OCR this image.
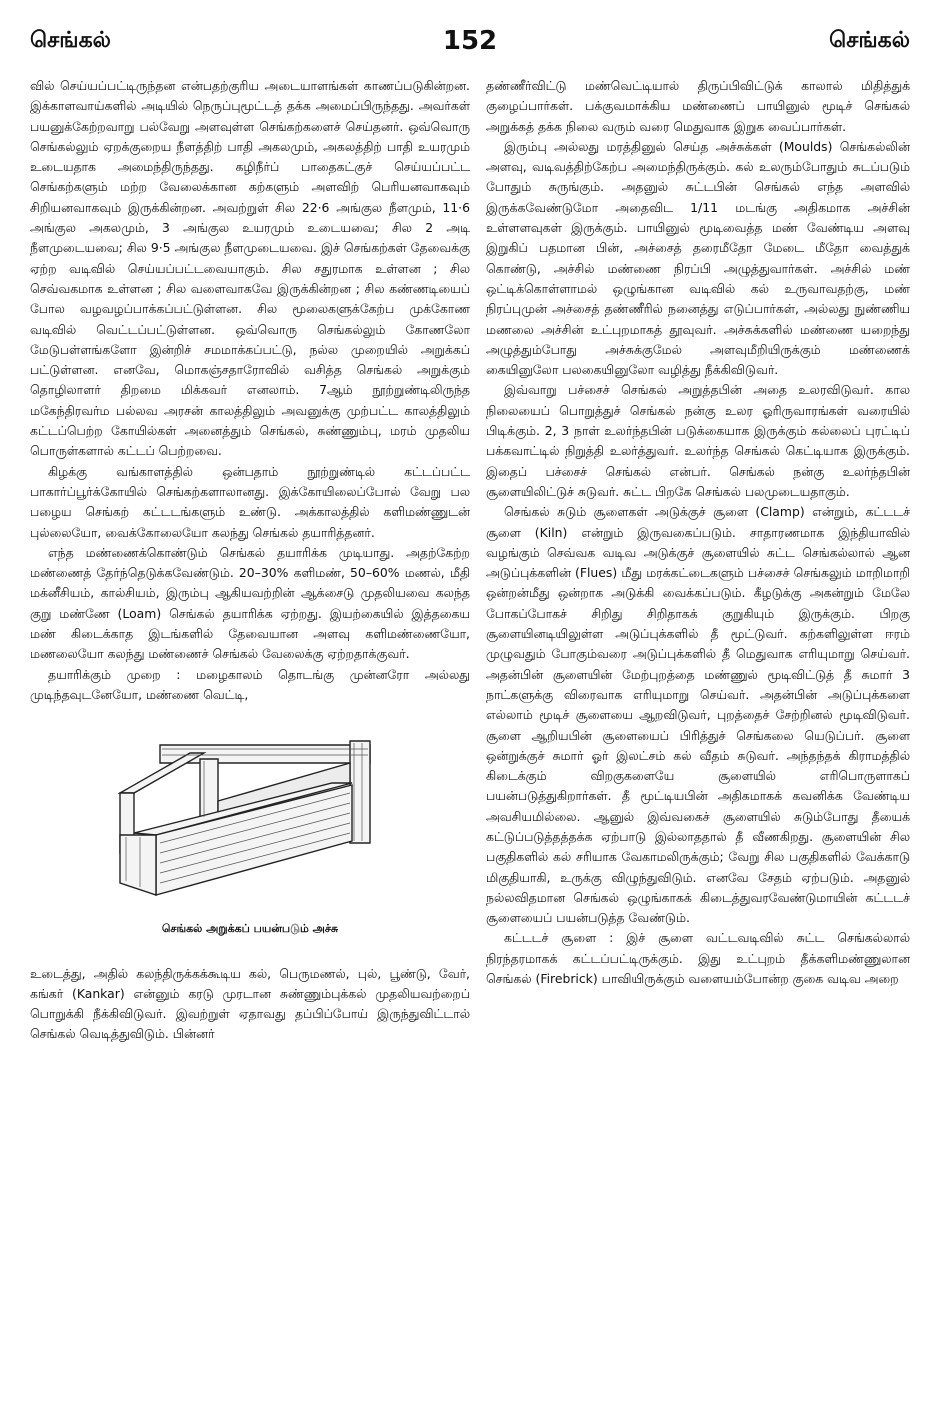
செங்கல்	152	செங்கல்

வில் செய்யப்பட்டிருந்தன என்பதற்குரிய அடையாளங்கள் காணப்படுகின்றன. இக்காளவாய்களில் அடியில் நெருப்புமூட்டத் தக்க அமைப்பிருந்தது. அவர்கள் பயனுக்கேற்றவாறு பல்வேறு அளவுள்ள செங்கற்களைச் செய்தனர். ஒவ்வொரு செங்கல்லும் ஏறக்குறைய நீளத்திற் பாதி அகலமும், அகலத்திற் பாதி உயரமும் உடையதாக அமைந்திருந்தது. கழிநீர்ப் பாதைகட்குச் செய்யப்பட்ட செங்கற்களும் மற்ற வேலைக்கான கற்களும் அளவிற் பெரியனவாகவும் சிறியனவாகவும் இருக்கின்றன. அவற்றுள் சில 22·6 அங்குல நீளமும், 11·6 அங்குல அகலமும், 3 அங்குல உயரமும் உடையவை; சில 2 அடி நீளமுடையவை; சில 9·5 அங்குல நீளமுடையவை. இச் செங்கற்கள் தேவைக்கு ஏற்ற வடிவில் செய்யப்பட்டவையாகும். சில சதுரமாக உள்ளன ; சில செவ்வகமாக உள்ளன ; சில வளைவாகவே இருக்கின்றன ; சில கண்ணடியைப் போல வழவழப்பாக்கப்பட்டுள்ளன. சில மூலைகளுக்கேற்ப முக்கோண வடிவில் வெட்டப்பட்டுள்ளன. ஒவ்வொரு செங்கல்லும் கோணலோ மேடுபள்ளங்களோ இன்றிச் சமமாக்கப்பட்டு, நல்ல முறையில் அறுக்கப் பட்டுள்ளன. எனவே, மொகஞ்சதாரோவில் வசித்த செங்கல் அறுக்கும் தொழிலாளர் திறமை மிக்கவர் எனலாம். 7ஆம் நூற்றுண்டிலிருந்த மகேந்திரவர்ம பல்லவ அரசன் காலத்திலும் அவனுக்கு முற்பட்ட காலத்திலும் கட்டப்பெற்ற கோயில்கள் அனைத்தும் செங்கல், சுண்ணும்பு, மரம் முதலிய பொருள்களால் கட்டப் பெற்றவை.

கிழக்கு வங்காளத்தில் ஒன்பதாம் நூற்றுண்டில் கட்டப்பட்ட பாகார்ப்பூர்க்கோயில் செங்கற்களாலானது. இக்கோயிலைப்போல் வேறு பல பழைய செங்கற் கட்டடங்களும் உண்டு. அக்காலத்தில் களிமண்ணுடன் புல்லையோ, வைக்கோலையோ கலந்து செங்கல் தயாரித்தனர்.

எந்த மண்ணைக்கொண்டும் செங்கல் தயாரிக்க முடியாது. அதற்கேற்ற மண்ணைத் தேர்ந்தெடுக்கவேண்டும். 20–30% களிமண், 50–60% மணல், மீதி மக்னீசியம், கால்சியம், இரும்பு ஆகியவற்றின் ஆக்சைடு முதலியவை கலந்த குறு மண்ணே (Loam) செங்கல் தயாரிக்க ஏற்றது. இயற்கையில் இத்தகைய மண் கிடைக்காத இடங்களில் தேவையான அளவு களிமண்ணையோ, மணலையோ கலந்து மண்ணைச் செங்கல் வேலைக்கு ஏற்றதாக்குவர்.

தயாரிக்கும் முறை : மழைகாலம் தொடங்கு முன்னரோ அல்லது முடிந்தவுடனேயோ, மண்ணை வெட்டி,

செங்கல் அறுக்கப் பயன்படும் அச்சு

உடைத்து, அதில் கலந்திருக்கக்கூடிய கல், பெருமணல், புல், பூண்டு, வேர், கங்கர் (Kankar) என்னும் கரடு முரடான சுண்ணும்புக்கல் முதலியவற்றைப் பொறுக்கி நீக்கிவிடுவர். இவற்றுள் ஏதாவது தப்பிப்போய் இருந்துவிட்டால் செங்கல் வெடித்துவிடும். பின்னர்

தண்ணீர்விட்டு மண்வெட்டியால் திருப்பிவிட்டுக் காலால் மிதித்துக் குழைப்பார்கள். பக்குவமாக்கிய மண்ணைப் பாயினுல் மூடிச் செங்கல் அறுக்கத் தக்க நிலை வரும் வரை மெதுவாக இறுக வைப்பார்கள்.

இரும்பு அல்லது மரத்தினுல் செய்த அச்சுக்கள் (Moulds) செங்கல்லின் அளவு, வடிவத்திற்கேற்ப அமைந்திருக்கும். கல் உலரும்போதும் சுடப்படும் போதும் சுருங்கும். அதனுல் சுட்டபின் செங்கல் எந்த அளவில் இருக்கவேண்டுமோ அதைவிட 1/11 மடங்கு அதிகமாக அச்சின் உள்ளளவுகள் இருக்கும். பாயினுல் மூடிவைத்த மண் வேண்டிய அளவு இறுகிப் பதமான பின், அச்சைத் தரைமீதோ மேடை மீதோ வைத்துக் கொண்டு, அச்சில் மண்ணை நிரப்பி அழுத்துவார்கள். அச்சில் மண் ஒட்டிக்கொள்ளாமல் ஒழுங்கான வடிவில் கல் உருவாவதற்கு, மண் நிரப்புமுன் அச்சைத் தண்ணீரில் நனைத்து எடுப்பார்கள், அல்லது நுண்ணிய மணலை அச்சின் உட்புறமாகத் தூவுவர். அச்சுக்களில் மண்ணை யறைந்து அழுத்தும்போது அச்சுக்குமேல் அளவுமீறியிருக்கும் மண்ணைக் கையினுலோ பலகையினுலோ வழித்து நீக்கிவிடுவர்.

இவ்வாறு பச்சைச் செங்கல் அறுத்தபின் அதை உலரவிடுவர். கால நிலையைப் பொறுத்துச் செங்கல் நன்கு உலர ஓரிருவாரங்கள் வரையில் பிடிக்கும். 2, 3 நாள் உலர்ந்தபின் படுக்கையாக இருக்கும் கல்லைப் புரட்டிப் பக்கவாட்டில் நிறுத்தி உலர்த்துவர். உலர்ந்த செங்கல் கெட்டியாக இருக்கும். இதைப் பச்சைச் செங்கல் என்பர். செங்கல் நன்கு உலர்ந்தபின் சூளையிலிட்டுச் சுடுவர். சுட்ட பிறகே செங்கல் பலமுடையதாகும்.

செங்கல் சுடும் சூளைகள் அடுக்குச் சூளை (Clamp) என்றும், கட்டடச் சூளை (Kiln) என்றும் இருவகைப்படும். சாதாரணமாக இந்தியாவில் வழங்கும் செவ்வக வடிவ அடுக்குச் சூளையில் சுட்ட செங்கல்லால் ஆன அடுப்புக்களின் (Flues) மீது மரக்கட்டைகளும் பச்சைச் செங்கலும் மாறிமாறி ஒன்றன்மீது ஒன்றாக அடுக்கி வைக்கப்படும். கீழடுக்கு அகன்றும் மேலே போகப்போகச் சிறிது சிறிதாகக் குறுகியும் இருக்கும். பிறகு சூளையினடியிலுள்ள அடுப்புக்களில் தீ மூட்டுவர். கற்களிலுள்ள ஈரம் முழுவதும் போகும்வரை அடுப்புக்களில் தீ மெதுவாக எரியுமாறு செய்வர். அதன்பின் சூளையின் மேற்புறத்தை மண்ணுல் மூடிவிட்டுத் தீ சுமார் 3 நாட்களுக்கு விரைவாக எரியுமாறு செய்வர். அதன்பின் அடுப்புக்களை எல்லாம் மூடிச் சூளையை ஆறவிடுவர், புறத்தைச் சேற்றினல் மூடிவிடுவர். சூளை ஆறியபின் சூளையைப் பிரித்துச் செங்கலை யெடுப்பர். சூளை ஒன்றுக்குச் சுமார் ஓர் இலட்சம் கல் வீதம் சுடுவர். அந்தந்தக் கிராமத்தில் கிடைக்கும் விறகுகளையே சூளையில் எரிபொருளாகப் பயன்படுத்துகிறார்கள். தீ மூட்டியபின் அதிகமாகக் கவனிக்க வேண்டிய அவசியமில்லை. ஆனுல் இவ்வகைச் சூளையில் சுடும்போது தீயைக் கட்டுப்படுத்தத்தக்க ஏற்பாடு இல்லாததால் தீ வீணகிறது. சூளையின் சில பகுதிகளில் கல் சரியாக வேகாமலிருக்கும்; வேறு சில பகுதிகளில் வேக்காடு மிகுதியாகி, உருக்கு விழுந்துவிடும். எனவே சேதம் ஏற்படும். அதனுல் நல்லவிதமான செங்கல் ஒழுங்காகக் கிடைத்துவரவேண்டுமாயின் கட்டடச் சூளையைப் பயன்படுத்த வேண்டும்.

கட்டடச் சூளை : இச் சூளை வட்டவடிவில் சுட்ட செங்கல்லால் நிரந்தரமாகக் கட்டப்பட்டிருக்கும். இது உட்புறம் தீக்களிமண்ணுலான செங்கல் (Firebrick) பாவியிருக்கும் வளையம்போன்ற குகை வடிவ அறை
